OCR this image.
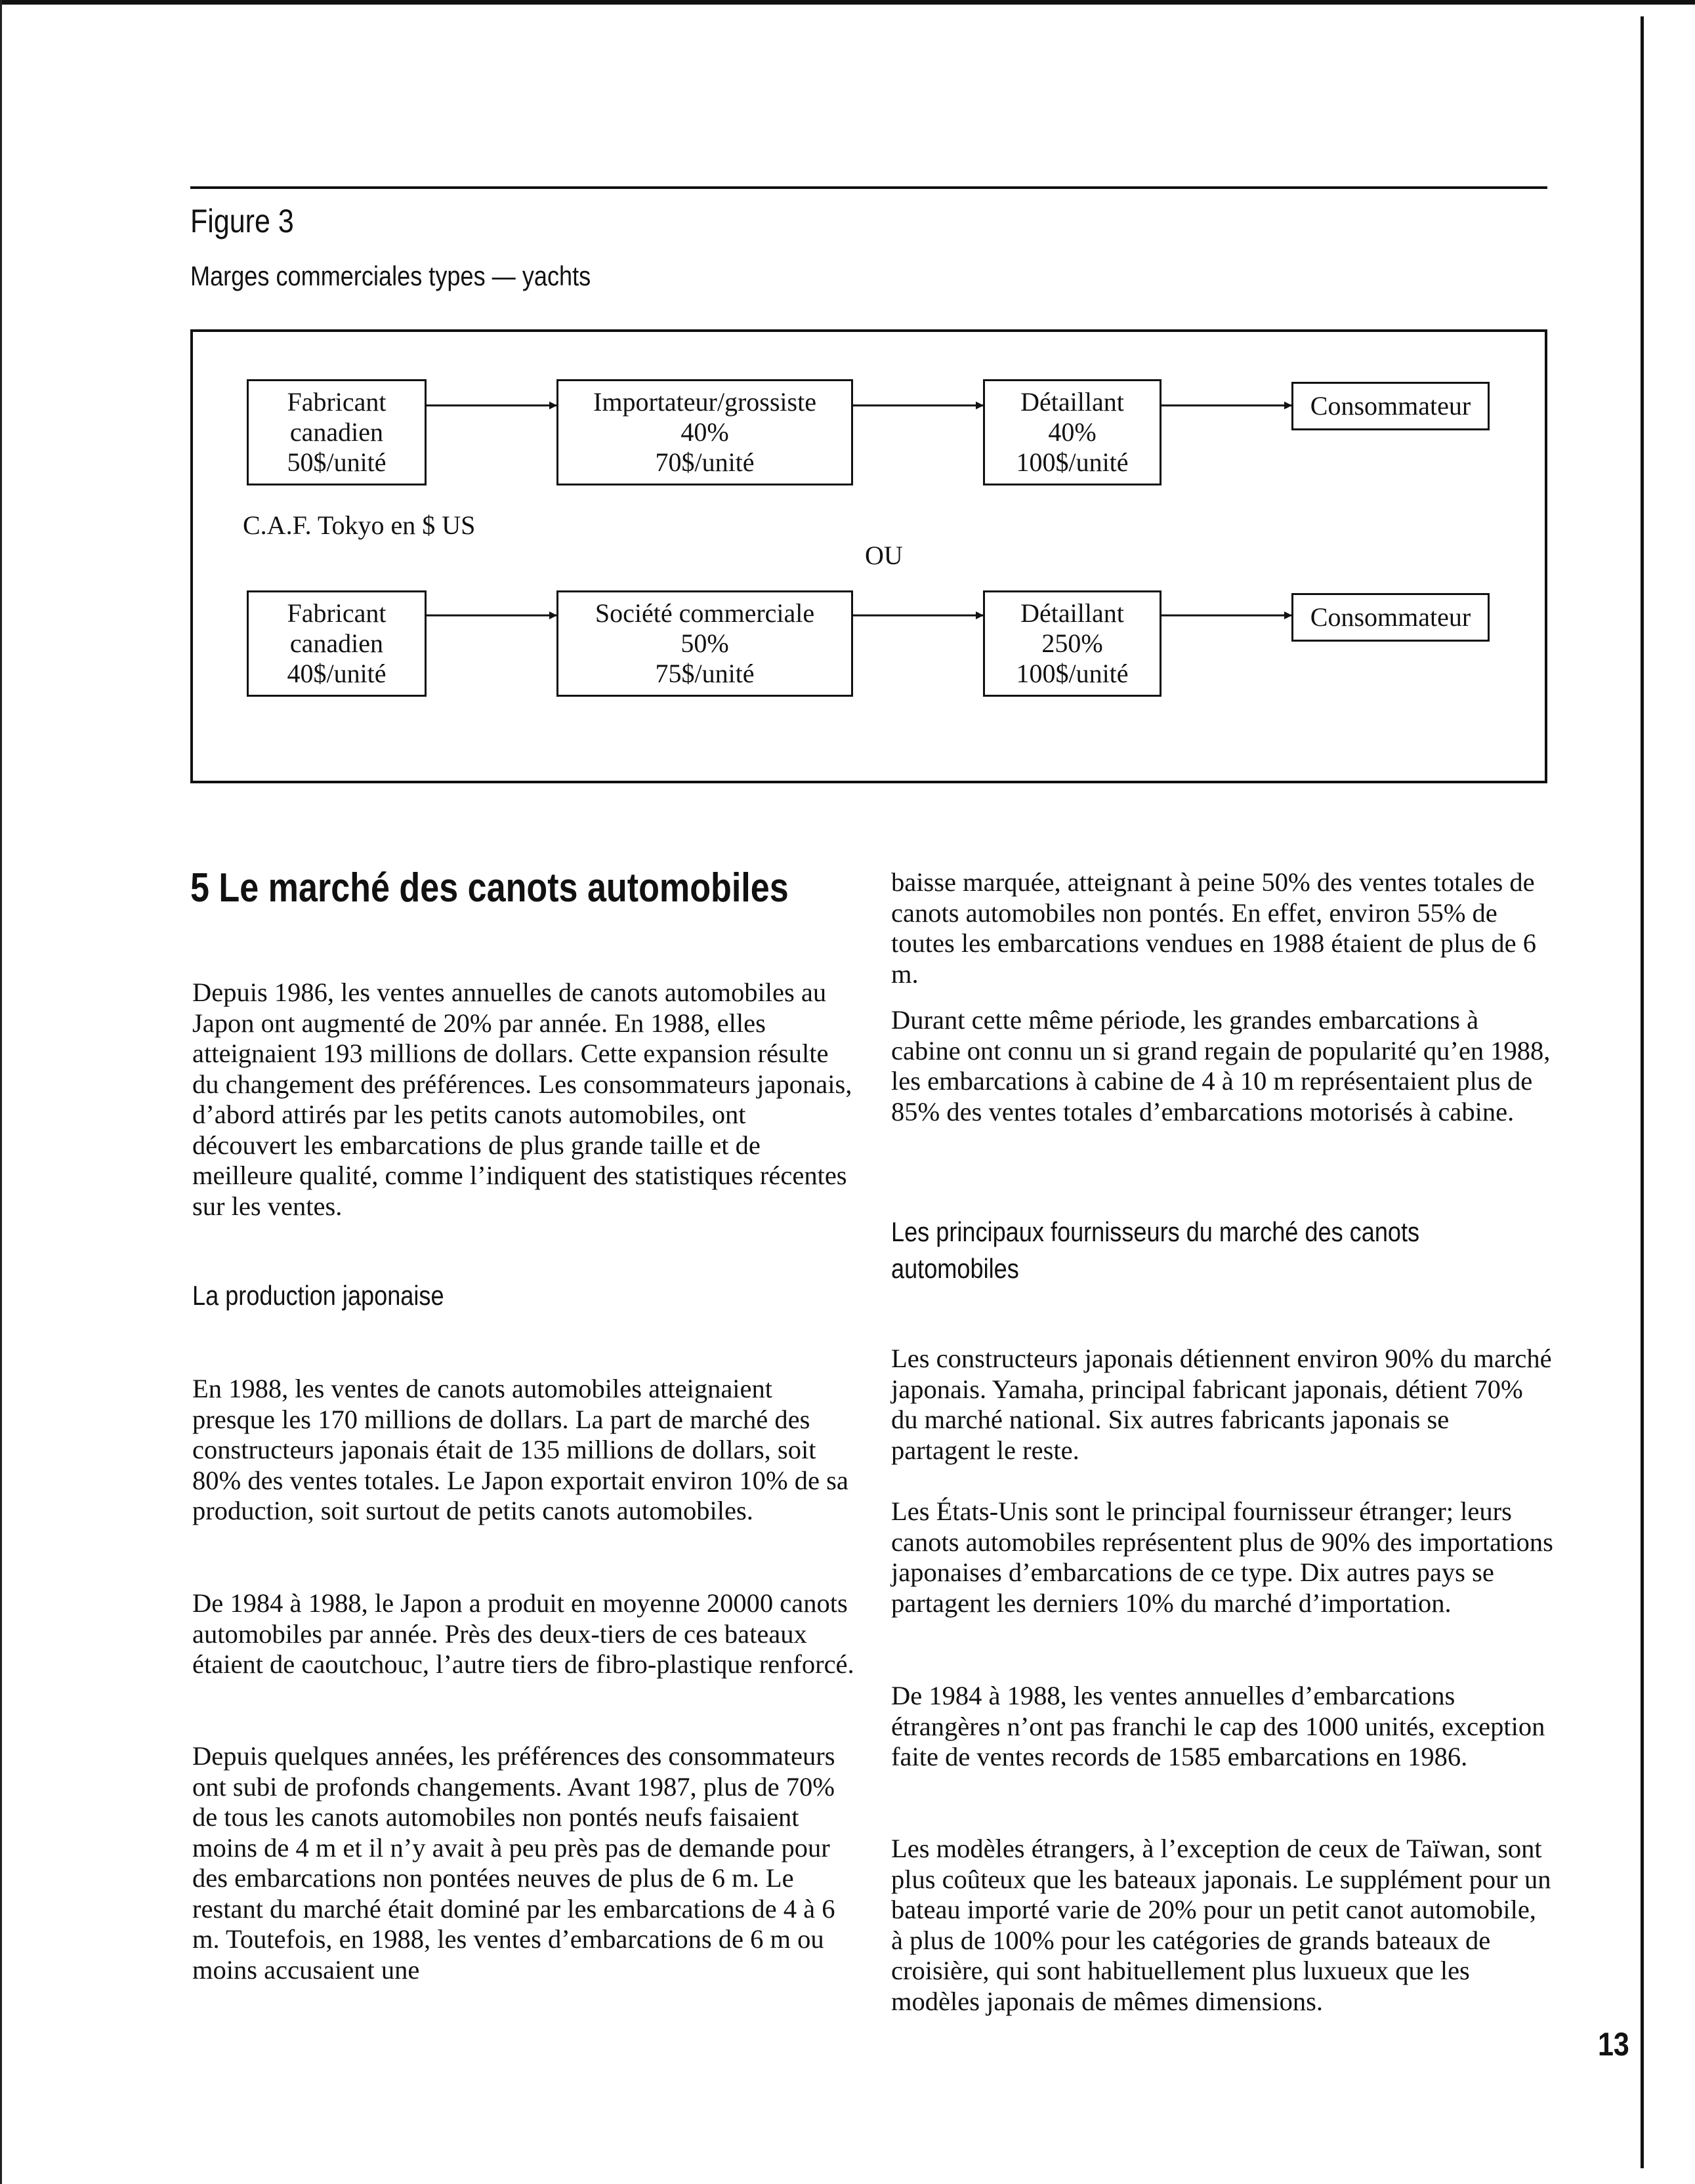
Figure 3
Marges commerciales types — yachts
Fabricant
canadien
50$/unité
Importateur/grossiste
40%
70$/unité
Détaillant
40%
100$/unité
Consommateur
C.A.F. Tokyo en $ US
OU
Fabricant
canadien
40$/unité
Société commerciale
50%
75$/unité
Détaillant
250%
100$/unité
Consommateur
5 Le marché des canots automobiles

Depuis 1986, les ventes annuelles de canots automobiles au Japon ont augmenté de 20% par année. En 1988, elles atteignaient 193 millions de dollars. Cette expansion résulte du changement des préférences. Les consommateurs japonais, d’abord attirés par les petits canots automobiles, ont découvert les embarcations de plus grande taille et de meilleure qualité, comme l’indiquent des statistiques récentes sur les ventes.

La production japonaise

En 1988, les ventes de canots automobiles atteignaient presque les 170 millions de dollars. La part de marché des constructeurs japonais était de 135 millions de dollars, soit 80% des ventes totales. Le Japon exportait environ 10% de sa production, soit surtout de petits canots automobiles.

De 1984 à 1988, le Japon a produit en moyenne 20000 canots automobiles par année. Près des deux-tiers de ces bateaux étaient de caoutchouc, l’autre tiers de fibro-plastique renforcé.

Depuis quelques années, les préférences des consommateurs ont subi de profonds changements. Avant 1987, plus de 70% de tous les canots automobiles non pontés neufs faisaient moins de 4 m et il n’y avait à peu près pas de demande pour des embarcations non pontées neuves de plus de 6 m. Le restant du marché était dominé par les embarcations de 4 à 6 m. Toutefois, en 1988, les ventes d’embarcations de 6 m ou moins accusaient une

baisse marquée, atteignant à peine 50% des ventes totales de canots automobiles non pontés. En effet, environ 55% de toutes les embarcations vendues en 1988 étaient de plus de 6 m.

Durant cette même période, les grandes embarcations à cabine ont connu un si grand regain de popularité qu’en 1988, les embarcations à cabine de 4 à 10 m représentaient plus de 85% des ventes totales d’embarcations motorisés à cabine.

Les principaux fournisseurs du marché des canots automobiles

Les constructeurs japonais détiennent environ 90% du marché japonais. Yamaha, principal fabricant japonais, détient 70% du marché national. Six autres fabricants japonais se partagent le reste.

Les États-Unis sont le principal fournisseur étranger; leurs canots automobiles représentent plus de 90% des importations japonaises d’embarcations de ce type. Dix autres pays se partagent les derniers 10% du marché d’importation.

De 1984 à 1988, les ventes annuelles d’embarcations étrangères n’ont pas franchi le cap des 1000 unités, exception faite de ventes records de 1585 embarcations en 1986.

Les modèles étrangers, à l’exception de ceux de Taïwan, sont plus coûteux que les bateaux japonais. Le supplément pour un bateau importé varie de 20% pour un petit canot automobile, à plus de 100% pour les catégories de grands bateaux de croisière, qui sont habituellement plus luxueux que les modèles japonais de mêmes dimensions.

13
